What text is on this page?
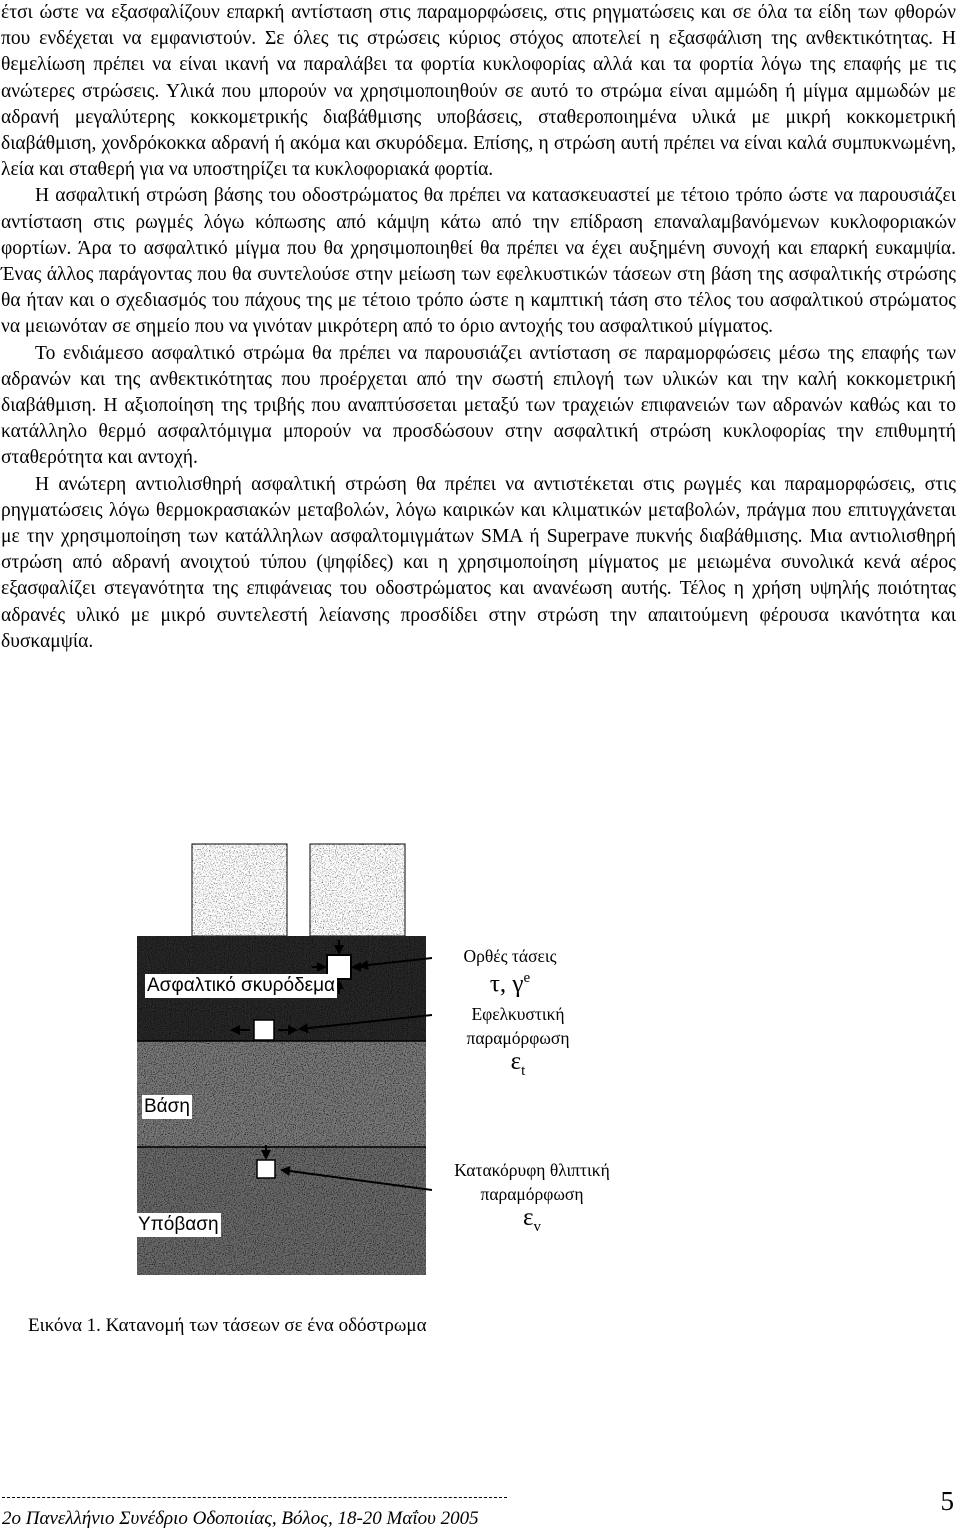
έτσι ώστε να εξασφαλίζουν επαρκή αντίσταση στις παραμορφώσεις, στις ρηγματώσεις και σε όλα τα είδη των φθορών που ενδέχεται να εμφανιστούν. Σε όλες τις στρώσεις κύριος στόχος αποτελεί η εξασφάλιση της ανθεκτικότητας. Η θεμελίωση πρέπει να είναι ικανή να παραλάβει τα φορτία κυκλοφορίας αλλά και τα φορτία λόγω της επαφής με τις ανώτερες στρώσεις. Υλικά που μπορούν να χρησιμοποιηθούν σε αυτό το στρώμα είναι αμμώδη ή μίγμα αμμωδών με αδρανή μεγαλύτερης κοκκομετρικής διαβάθμισης υποβάσεις, σταθεροποιημένα υλικά με μικρή κοκκομετρική διαβάθμιση, χονδρόκοκκα αδρανή ή ακόμα και σκυρόδεμα. Επίσης, η στρώση αυτή πρέπει να είναι καλά συμπυκνωμένη, λεία και σταθερή για να υποστηρίζει τα κυκλοφοριακά φορτία.

Η ασφαλτική στρώση βάσης του οδοστρώματος θα πρέπει να κατασκευαστεί με τέτοιο τρόπο ώστε να παρουσιάζει αντίσταση στις ρωγμές λόγω κόπωσης από κάμψη κάτω από την επίδραση επαναλαμβανόμενων κυκλοφοριακών φορτίων. Άρα το ασφαλτικό μίγμα που θα χρησιμοποιηθεί θα πρέπει να έχει αυξημένη συνοχή και επαρκή ευκαμψία. Ένας άλλος παράγοντας που θα συντελούσε στην μείωση των εφελκυστικών τάσεων στη βάση της ασφαλτικής στρώσης θα ήταν και ο σχεδιασμός του πάχους της με τέτοιο τρόπο ώστε η καμπτική τάση στο τέλος του ασφαλτικού στρώματος να μειωνόταν σε σημείο που να γινόταν μικρότερη από το όριο αντοχής του ασφαλτικού μίγματος.

Το ενδιάμεσο ασφαλτικό στρώμα θα πρέπει να παρουσιάζει αντίσταση σε παραμορφώσεις μέσω της επαφής των αδρανών και της ανθεκτικότητας που προέρχεται από την σωστή επιλογή των υλικών και την καλή κοκκομετρική διαβάθμιση. Η αξιοποίηση της τριβής που αναπτύσσεται μεταξύ των τραχειών επιφανειών των αδρανών καθώς και το κατάλληλο θερμό ασφαλτόμιγμα μπορούν να προσδώσουν στην ασφαλτική στρώση κυκλοφορίας την επιθυμητή σταθερότητα και αντοχή.

Η ανώτερη αντιολισθηρή ασφαλτική στρώση θα πρέπει να αντιστέκεται στις ρωγμές και παραμορφώσεις, στις ρηγματώσεις λόγω θερμοκρασιακών μεταβολών, λόγω καιρικών και κλιματικών μεταβολών, πράγμα που επιτυγχάνεται με την χρησιμοποίηση των κατάλληλων ασφαλτομιγμάτων SMA ή Superpave πυκνής διαβάθμισης. Μια αντιολισθηρή στρώση από αδρανή ανοιχτού τύπου (ψηφίδες) και η χρησιμοποίηση μίγματος με μειωμένα συνολικά κενά αέρος εξασφαλίζει στεγανότητα της επιφάνειας του οδοστρώματος και ανανέωση αυτής. Τέλος η χρήση υψηλής ποιότητας αδρανές υλικό με μικρό συντελεστή λείανσης προσδίδει στην στρώση την απαιτούμενη φέρουσα ικανότητα και δυσκαμψία.

Ασφαλτικό σκυρόδεμα
Βάση
Υπόβαση
Ορθές τάσεις
τ, $\gamma^e$
Εφελκυστική
παραμόρφωση
$\varepsilon_t$
Κατακόρυφη θλιπτική
παραμόρφωση
$\varepsilon_v$
Εικόνα 1. Κατανομή των τάσεων σε ένα οδόστρωμα
2ο Πανελλήνιο Συνέδριο Οδοποιίας, Βόλος, 18-20 Μαΐου 2005
5
